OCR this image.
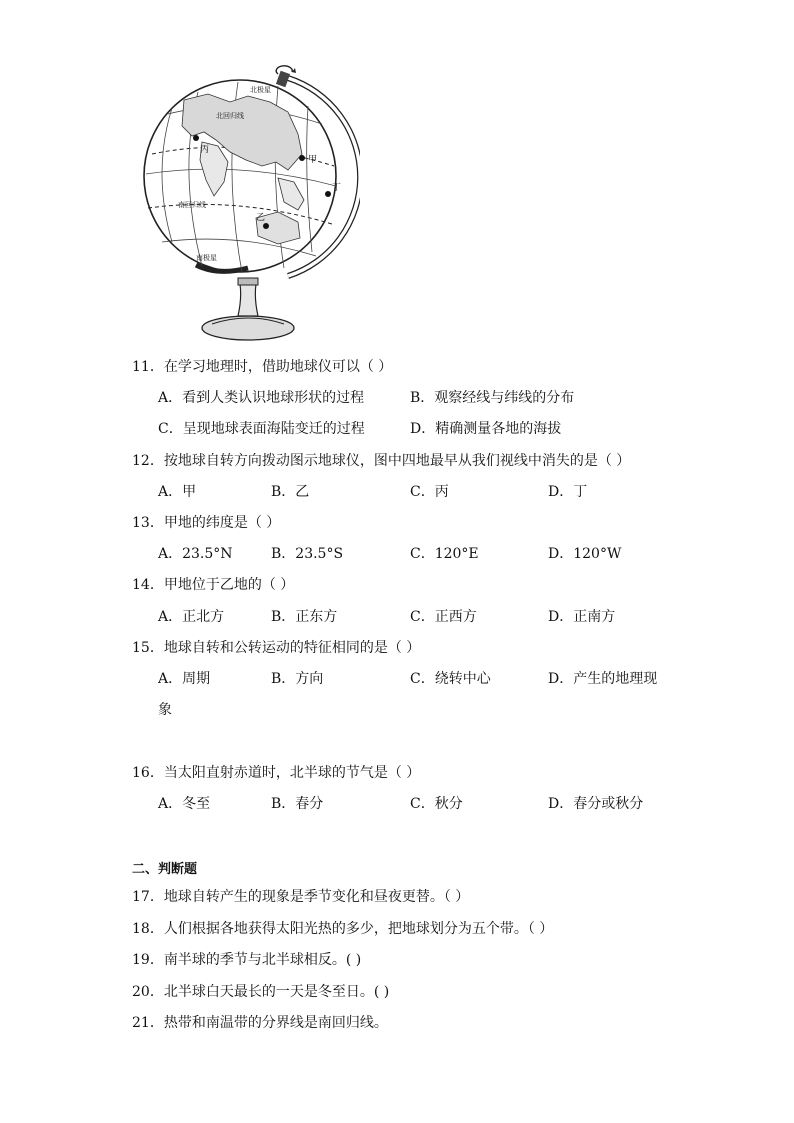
北极星
北回归线
南回归线
南极星
甲
乙
丙
丁
11．在学习地理时，借助地球仪可以（ ）
A．看到人类认识地球形状的过程	B．观察经线与纬线的分布
C．呈现地球表面海陆变迁的过程	D．精确测量各地的海拔
12．按地球自转方向拨动图示地球仪，图中四地最早从我们视线中消失的是（ ）
A．甲	B．乙	C．丙	D．丁
13．甲地的纬度是（ ）
A．23.5°N	B．23.5°S	C．120°E	D．120°W
14．甲地位于乙地的（ ）
A．正北方	B．正东方	C．正西方	D．正南方
15．地球自转和公转运动的特征相同的是（ ）
A．周期	B．方向	C．绕转中心	D．产生的地理现
象
16．当太阳直射赤道时，北半球的节气是（ ）
A．冬至	B．春分	C．秋分	D．春分或秋分
二、判断题
17．地球自转产生的现象是季节变化和昼夜更替。（ ）
18．人们根据各地获得太阳光热的多少，把地球划分为五个带。（ ）
19．南半球的季节与北半球相反。( )
20．北半球白天最长的一天是冬至日。( )
21．热带和南温带的分界线是南回归线。
